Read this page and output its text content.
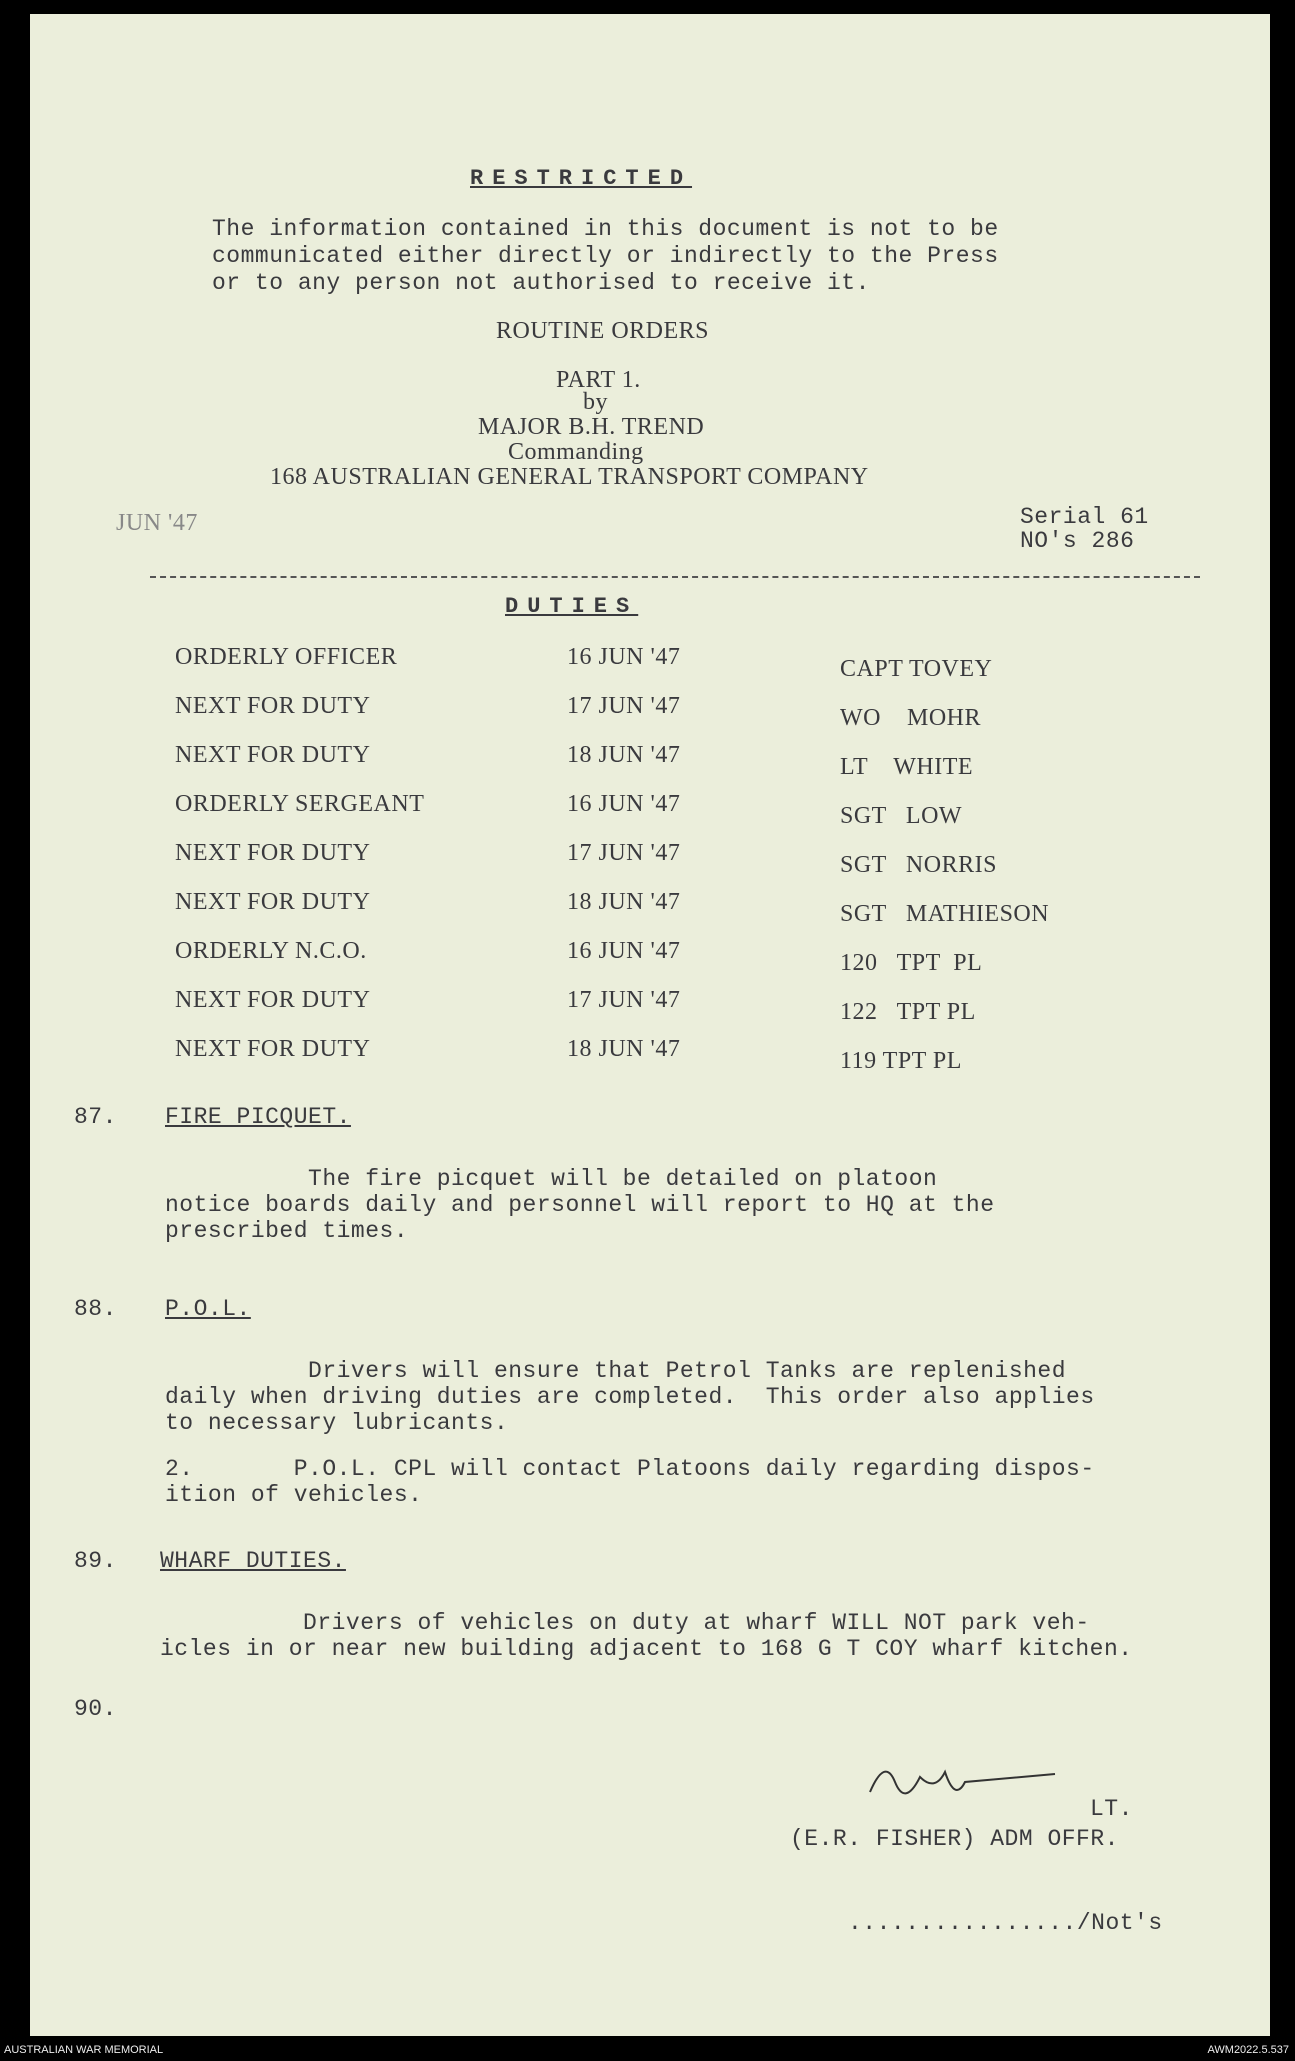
RESTRICTED
The information contained in this document is not to be
communicated either directly or indirectly to the Press
or to any person not authorised to receive it.
ROUTINE ORDERS
PART 1.
by
MAJOR B.H. TREND
Commanding
168 AUSTRALIAN GENERAL TRANSPORT COMPANY
JUN '47	Serial 61
NO's 286
DUTIES
ORDERLY OFFICER	16 JUN '47	CAPT TOVEY
NEXT FOR DUTY	17 JUN '47	WO    MOHR
NEXT FOR DUTY	18 JUN '47	LT    WHITE
ORDERLY SERGEANT	16 JUN '47	SGT   LOW
NEXT FOR DUTY	17 JUN '47	SGT   NORRIS
NEXT FOR DUTY	18 JUN '47	SGT   MATHIESON
ORDERLY N.C.O.	16 JUN '47	120   TPT  PL
NEXT FOR DUTY	17 JUN '47	122   TPT PL
NEXT FOR DUTY	18 JUN '47	119 TPT PL
87. FIRE PICQUET.
The fire picquet will be detailed on platoon
notice boards daily and personnel will report to HQ at the
prescribed times.
88. P.O.L.
Drivers will ensure that Petrol Tanks are replenished
daily when driving duties are completed.  This order also applies
to necessary lubricants.
2.       P.O.L. CPL will contact Platoons daily regarding dispos-
ition of vehicles.
89. WHARF DUTIES.
Drivers of vehicles on duty at wharf WILL NOT park veh-
icles in or near new building adjacent to 168 G T COY wharf kitchen.
90.
LT.
(E.R. FISHER) ADM OFFR.
................/Not's
AUSTRALIAN WAR MEMORIAL	AWM2022.5.537
